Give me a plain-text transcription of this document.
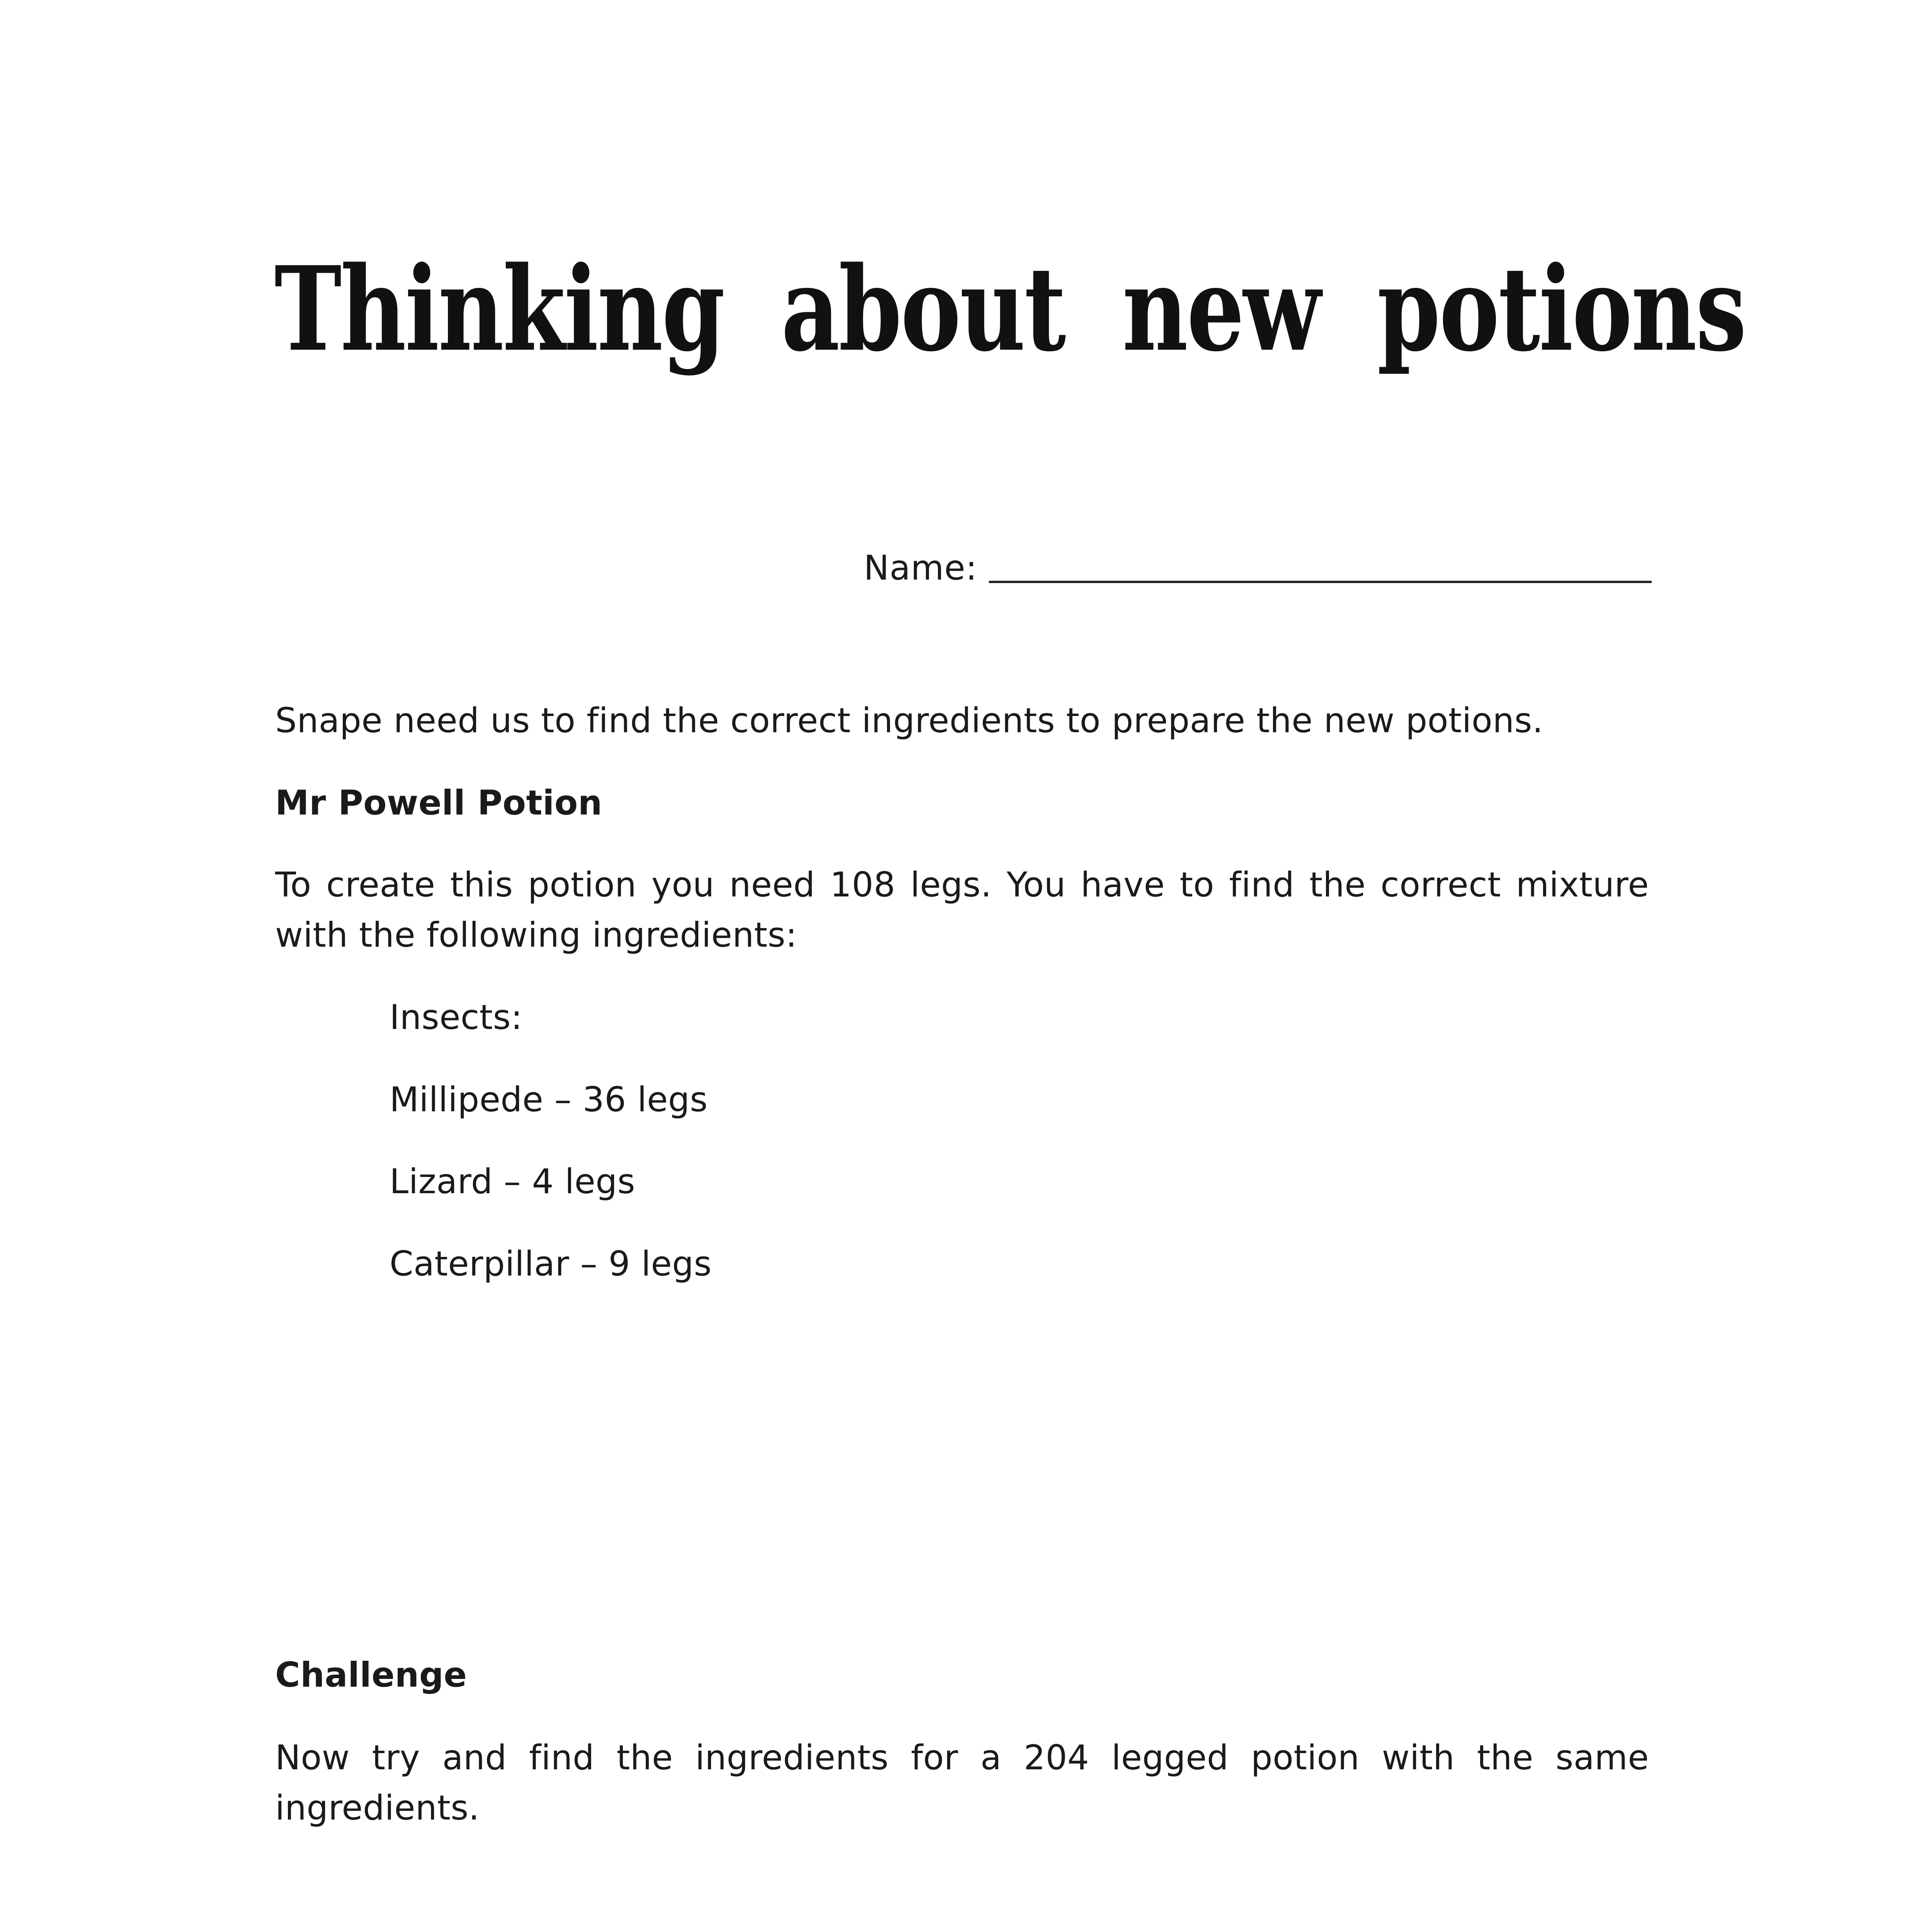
Thinking about new potions
Name:
Snape need us to find the correct ingredients to prepare the new potions.
Mr Powell Potion
To create this potion you need 108 legs. You have to find the correct mixture with the following ingredients:
Insects:
Millipede – 36 legs
Lizard – 4 legs
Caterpillar – 9 legs
Challenge
Now try and find the ingredients for a 204 legged potion with the same ingredients.
